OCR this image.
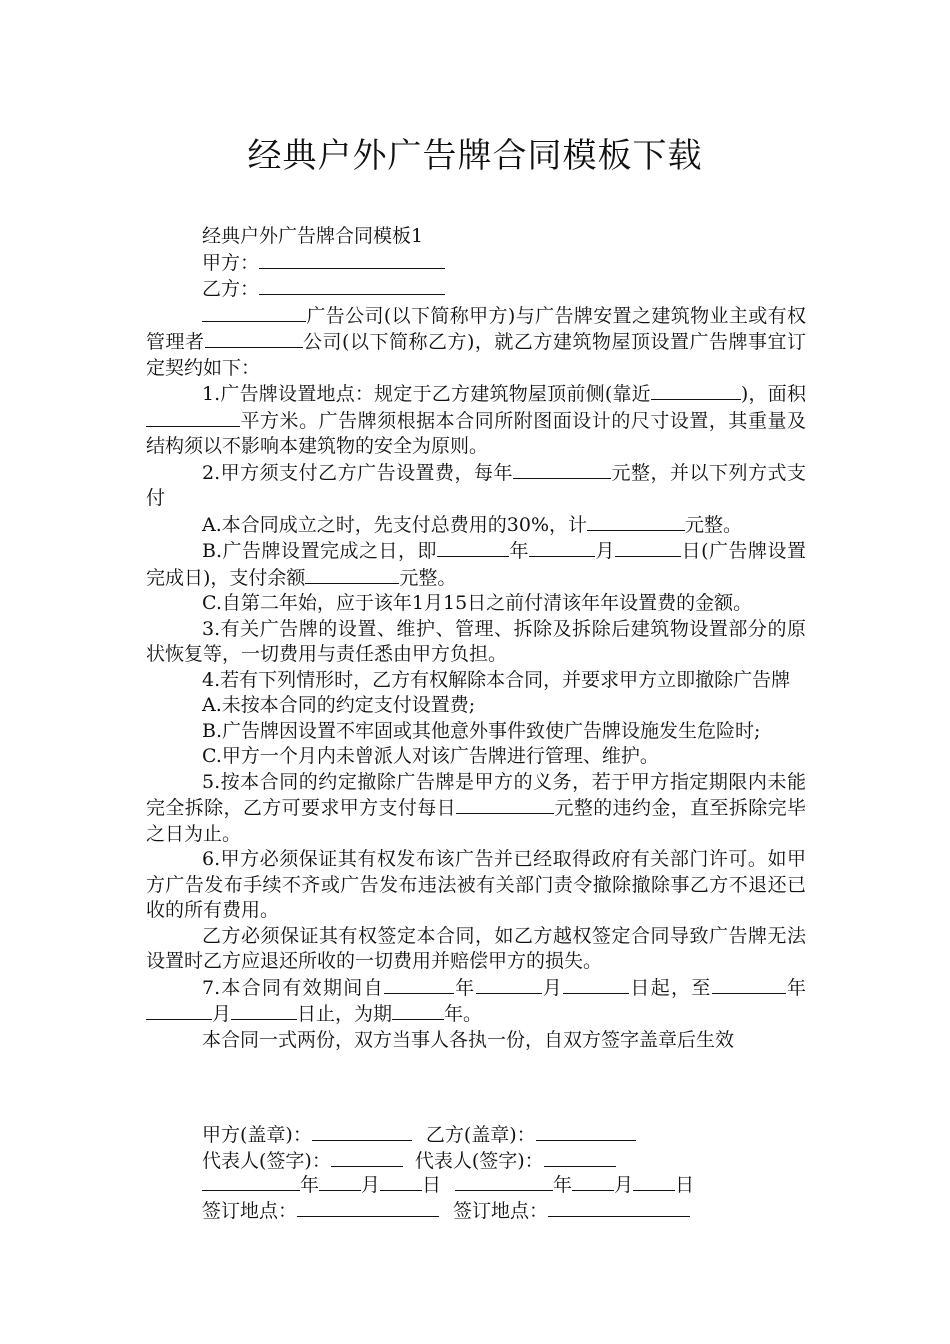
经典户外广告牌合同模板下载

经典户外广告牌合同模板1

甲方：

乙方：

广告公司(以下简称甲方)与广告牌安置之建筑物业主或有权管理者	公司(以下简称乙方)，就乙方建筑物屋顶设置广告牌事宜订定契约如下：

1.广告牌设置地点：规定于乙方建筑物屋顶前侧(靠近	)，面积平方米。广告牌须根据本合同所附图面设计的尺寸设置，其重量及结构须以不影响本建筑物的安全为原则。

2.甲方须支付乙方广告设置费，每年	元整，并以下列方式支付

A.本合同成立之时，先支付总费用的30%，计	元整。

B.广告牌设置完成之日，即	年	月	日(广告牌设置完成日)，支付余额	元整。

C.自第二年始，应于该年1月15日之前付清该年年设置费的金额。

3.有关广告牌的设置、维护、管理、拆除及拆除后建筑物设置部分的原状恢复等，一切费用与责任悉由甲方负担。

4.若有下列情形时，乙方有权解除本合同，并要求甲方立即撤除广告牌

A.未按本合同的约定支付设置费;

B.广告牌因设置不牢固或其他意外事件致使广告牌设施发生危险时;

C.甲方一个月内未曾派人对该广告牌进行管理、维护。

5.按本合同的约定撤除广告牌是甲方的义务，若于甲方指定期限内未能完全拆除，乙方可要求甲方支付每日	元整的违约金，直至拆除完毕之日为止。

6.甲方必须保证其有权发布该广告并已经取得政府有关部门许可。如甲方广告发布手续不齐或广告发布违法被有关部门责令撤除撤除事乙方不退还已收的所有费用。

乙方必须保证其有权签定本合同，如乙方越权签定合同导致广告牌无法设置时乙方应退还所收的一切费用并赔偿甲方的损失。

7.本合同有效期间自	年	月	日起，至	年月	日止，为期	年。

本合同一式两份，双方当事人各执一份，自双方签字盖章后生效

甲方(盖章)：	乙方(盖章)：
代表人(签字)：	代表人(签字)：
年 月 日	年 月 日
签订地点：	签订地点：
